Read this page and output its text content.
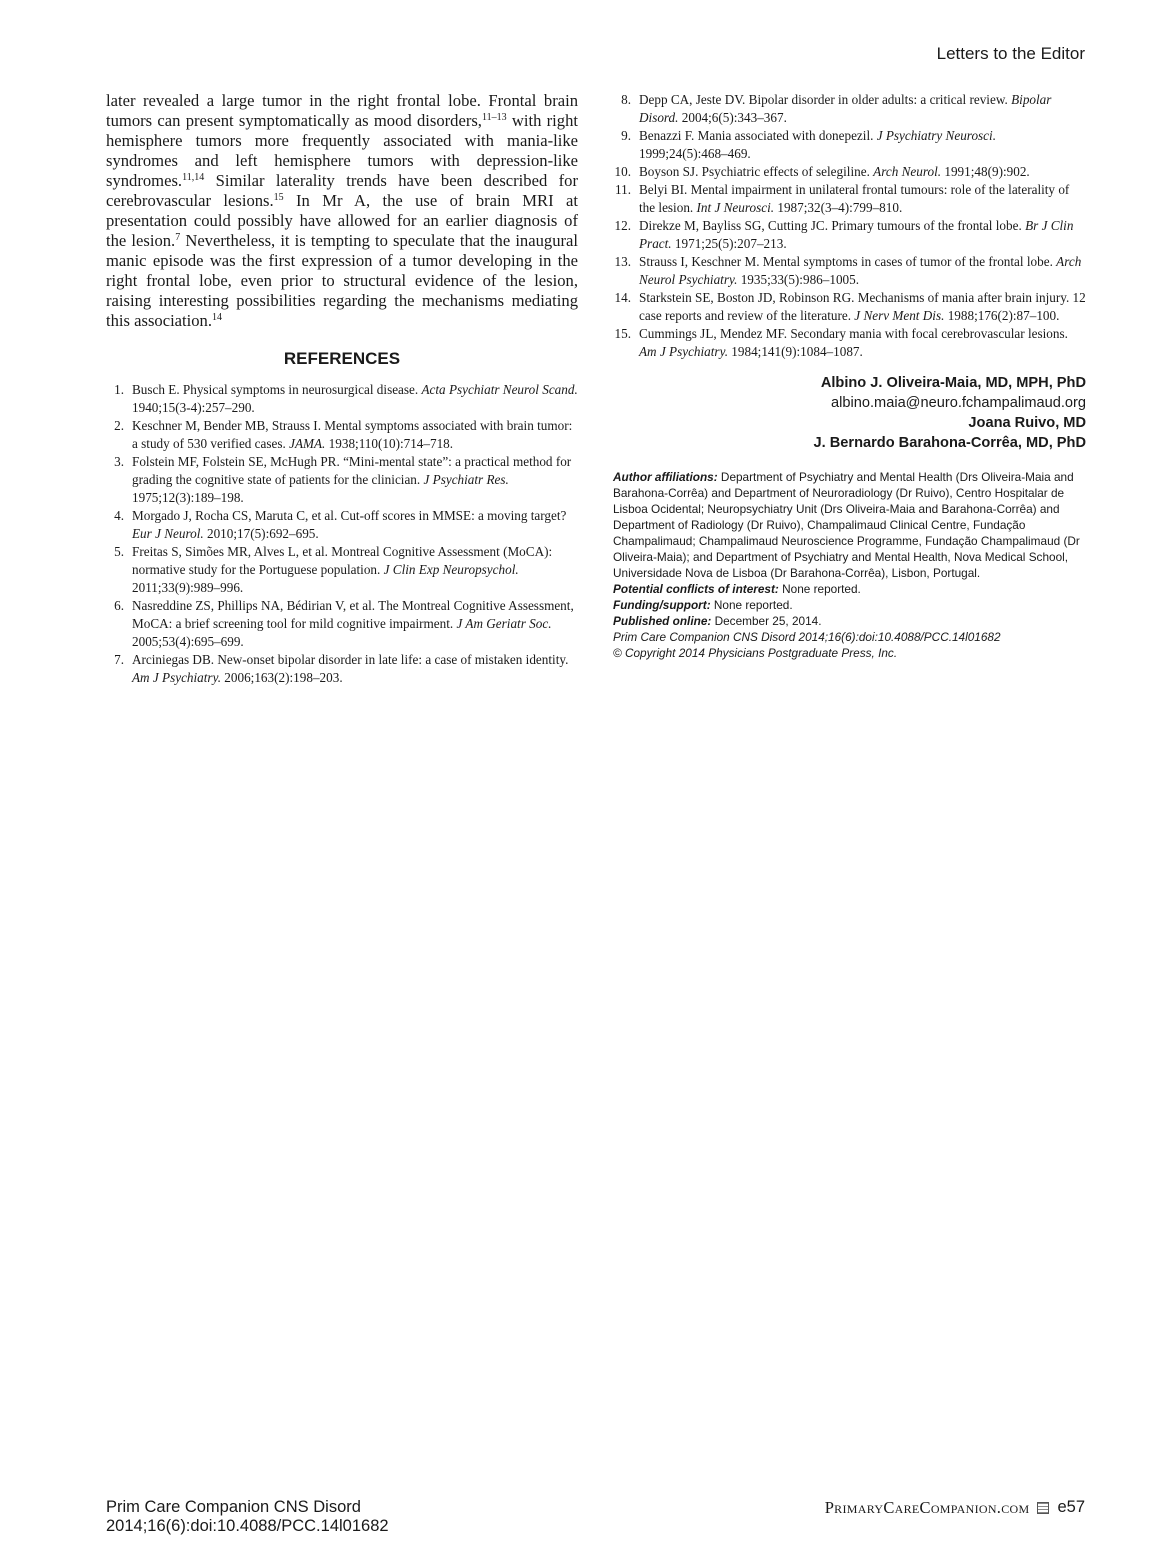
Letters to the Editor

later revealed a large tumor in the right frontal lobe. Frontal brain tumors can present symptomatically as mood disorders,$^{11-13}$ with right hemisphere tumors more frequently associated with mania-like syndromes and left hemisphere tumors with depression-like syndromes.$^{11,14}$ Similar laterality trends have been described for cerebrovascular lesions.$^{15}$ In Mr A, the use of brain MRI at presentation could possibly have allowed for an earlier diagnosis of the lesion.$^7$ Nevertheless, it is tempting to speculate that the inaugural manic episode was the first expression of a tumor developing in the right frontal lobe, even prior to structural evidence of the lesion, raising interesting possibilities regarding the mechanisms mediating this association.$^{14}$

REFERENCES
1. Busch E. Physical symptoms in neurosurgical disease. Acta Psychiatr Neurol Scand. 1940;15(3-4):257–290.
2. Keschner M, Bender MB, Strauss I. Mental symptoms associated with brain tumor: a study of 530 verified cases. JAMA. 1938;110(10):714–718.
3. Folstein MF, Folstein SE, McHugh PR. “Mini-mental state”: a practical method for grading the cognitive state of patients for the clinician. J Psychiatr Res. 1975;12(3):189–198.
4. Morgado J, Rocha CS, Maruta C, et al. Cut-off scores in MMSE: a moving target? Eur J Neurol. 2010;17(5):692–695.
5. Freitas S, Simões MR, Alves L, et al. Montreal Cognitive Assessment (MoCA): normative study for the Portuguese population. J Clin Exp Neuropsychol. 2011;33(9):989–996.
6. Nasreddine ZS, Phillips NA, Bédirian V, et al. The Montreal Cognitive Assessment, MoCA: a brief screening tool for mild cognitive impairment. J Am Geriatr Soc. 2005;53(4):695–699.
7. Arciniegas DB. New-onset bipolar disorder in late life: a case of mistaken identity. Am J Psychiatry. 2006;163(2):198–203.
8. Depp CA, Jeste DV. Bipolar disorder in older adults: a critical review. Bipolar Disord. 2004;6(5):343–367.
9. Benazzi F. Mania associated with donepezil. J Psychiatry Neurosci. 1999;24(5):468–469.
10. Boyson SJ. Psychiatric effects of selegiline. Arch Neurol. 1991;48(9):902.
11. Belyi BI. Mental impairment in unilateral frontal tumours: role of the laterality of the lesion. Int J Neurosci. 1987;32(3–4):799–810.
12. Direkze M, Bayliss SG, Cutting JC. Primary tumours of the frontal lobe. Br J Clin Pract. 1971;25(5):207–213.
13. Strauss I, Keschner M. Mental symptoms in cases of tumor of the frontal lobe. Arch Neurol Psychiatry. 1935;33(5):986–1005.
14. Starkstein SE, Boston JD, Robinson RG. Mechanisms of mania after brain injury. 12 case reports and review of the literature. J Nerv Ment Dis. 1988;176(2):87–100.
15. Cummings JL, Mendez MF. Secondary mania with focal cerebrovascular lesions. Am J Psychiatry. 1984;141(9):1084–1087.
Albino J. Oliveira-Maia, MD, MPH, PhD
albino.maia@neuro.fchampalimaud.org
Joana Ruivo, MD
J. Bernardo Barahona-Corrêa, MD, PhD

Author affiliations: Department of Psychiatry and Mental Health (Drs Oliveira-Maia and Barahona-Corrêa) and Department of Neuroradiology (Dr Ruivo), Centro Hospitalar de Lisboa Ocidental; Neuropsychiatry Unit (Drs Oliveira-Maia and Barahona-Corrêa) and Department of Radiology (Dr Ruivo), Champalimaud Clinical Centre, Fundação Champalimaud; Champalimaud Neuroscience Programme, Fundação Champalimaud (Dr Oliveira-Maia); and Department of Psychiatry and Mental Health, Nova Medical School, Universidade Nova de Lisboa (Dr Barahona-Corrêa), Lisbon, Portugal.

Potential conflicts of interest: None reported.

Funding/support: None reported.

Published online: December 25, 2014.

Prim Care Companion CNS Disord 2014;16(6):doi:10.4088/PCC.14l01682

© Copyright 2014 Physicians Postgraduate Press, Inc.

Prim Care Companion CNS Disord
2014;16(6):doi:10.4088/PCC.14l01682
PrimaryCareCompanion.com e57
